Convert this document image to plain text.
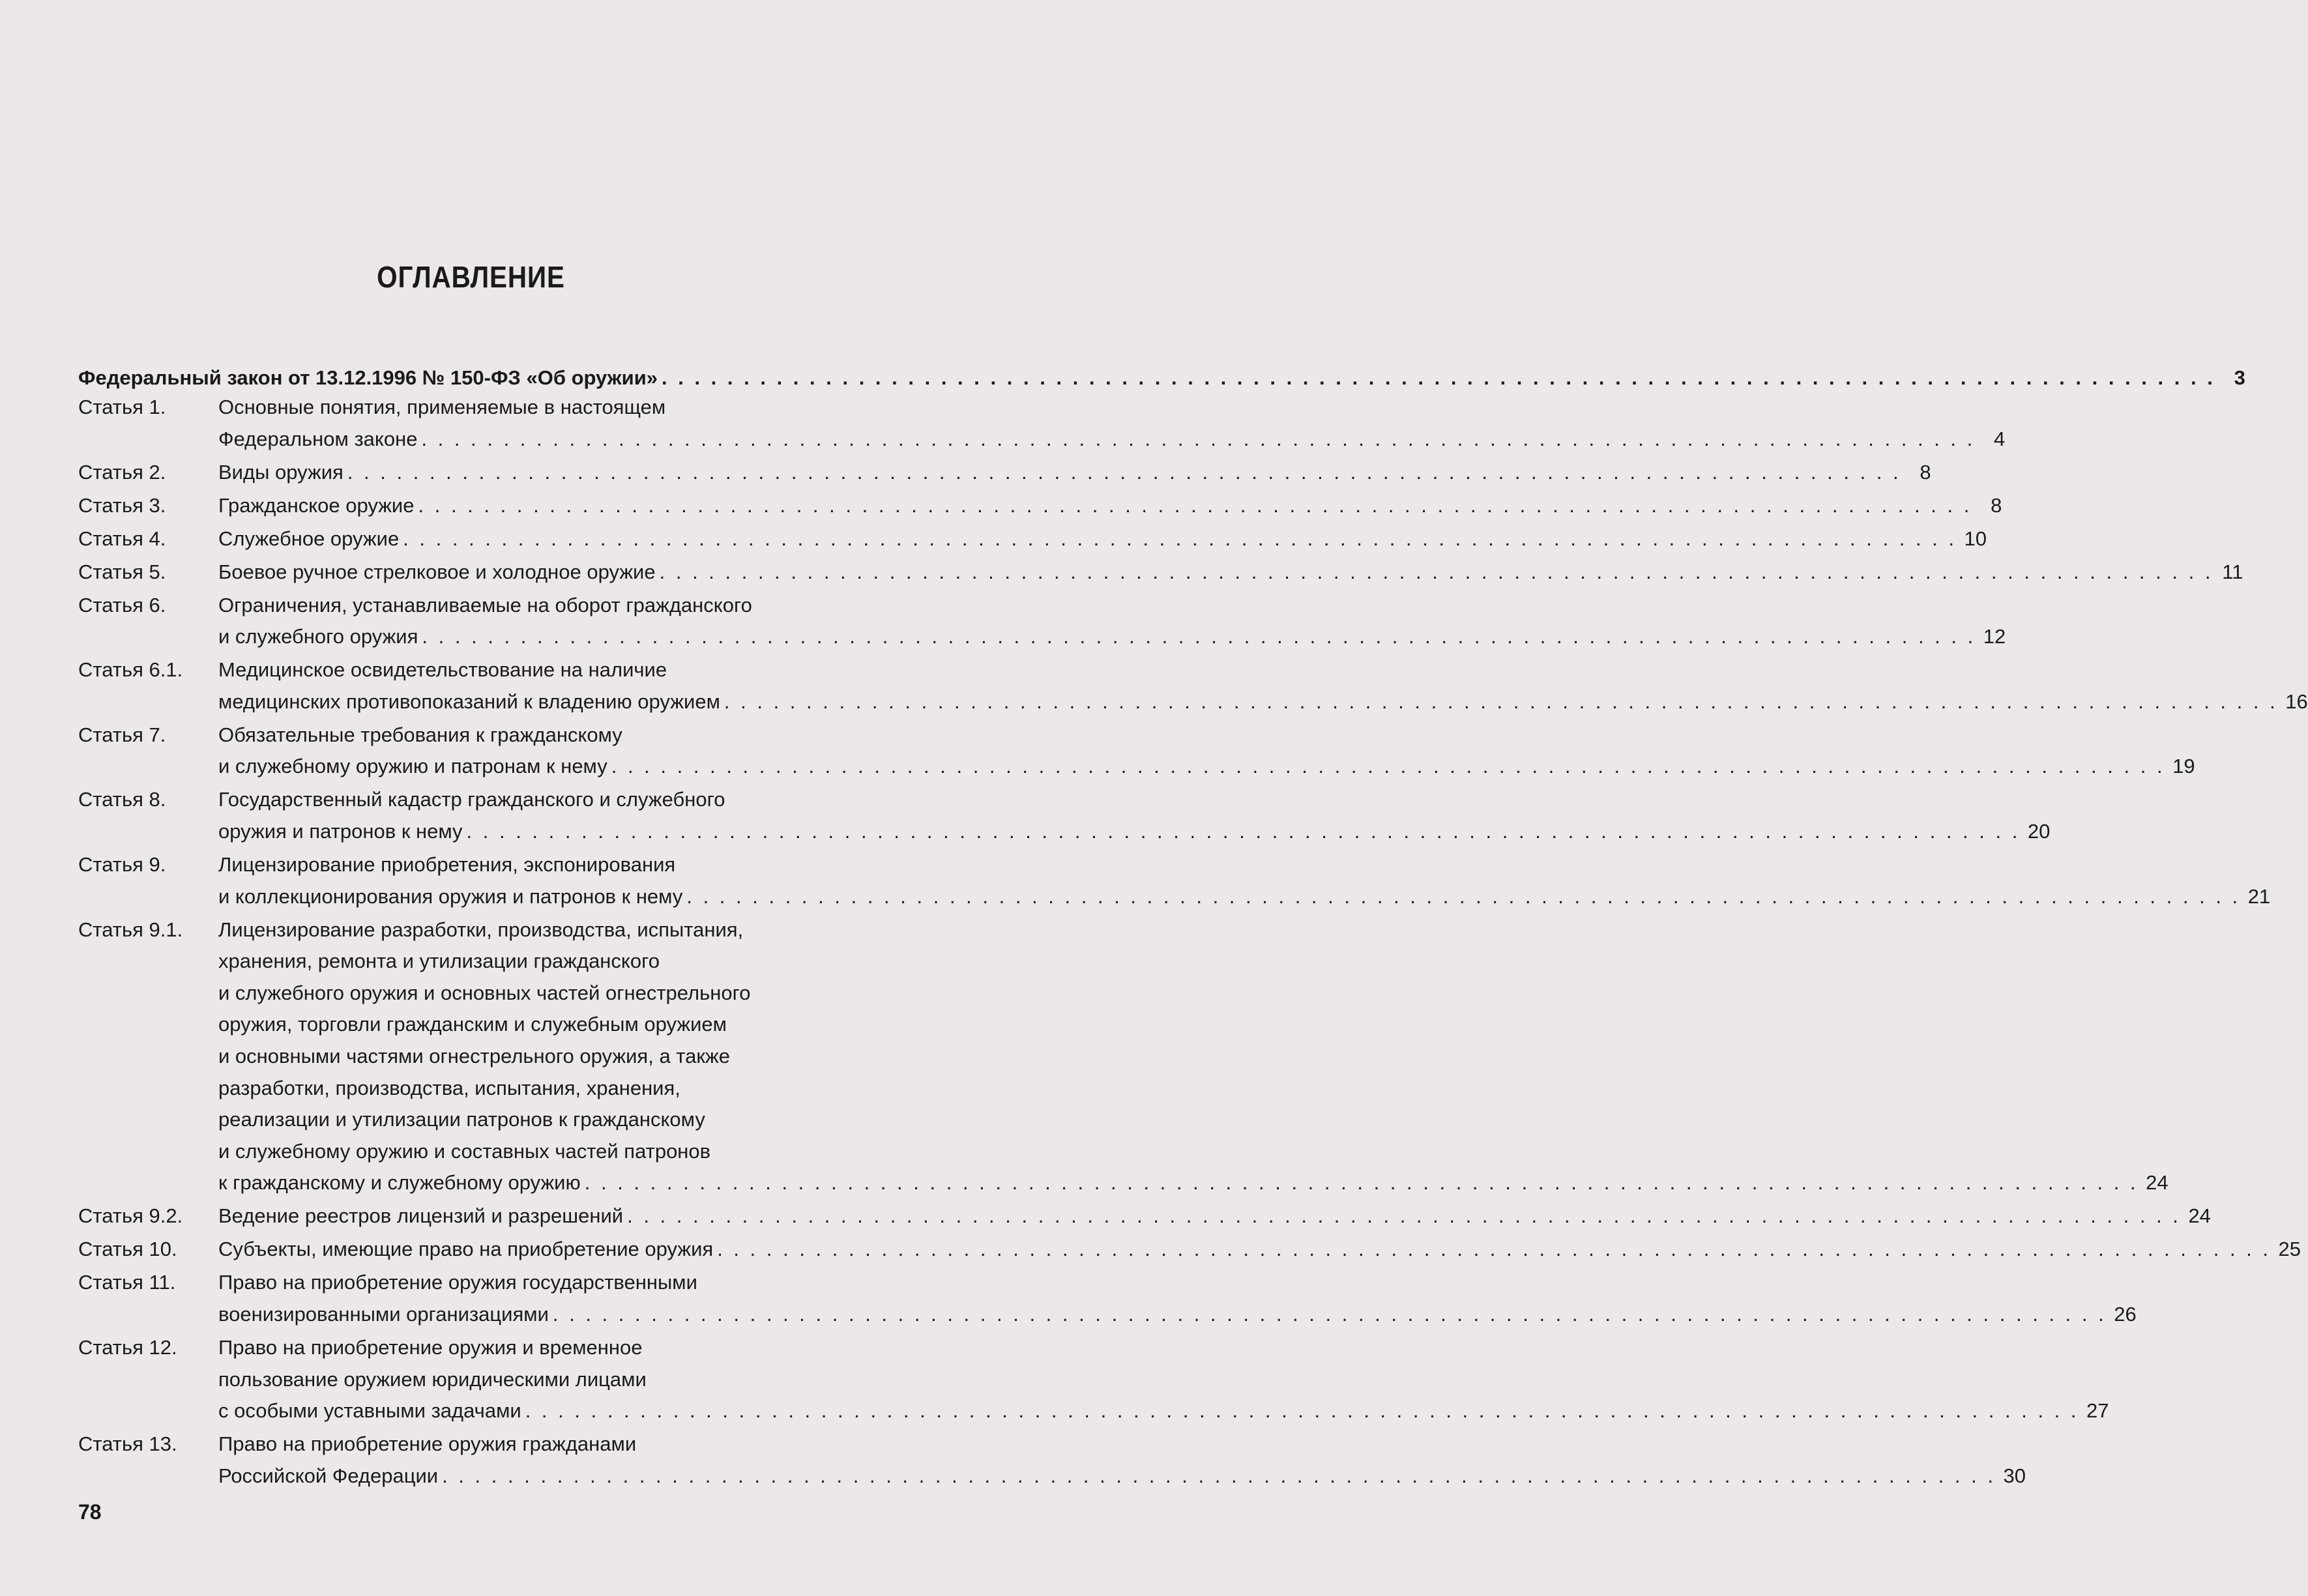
ОГЛАВЛЕНИЕ
Федеральный закон от 13.12.1996 № 150-ФЗ «Об оружии» . . . . . . . . . . . . . . . . . . . . . . . . . . . . . . . . . . . . . . . . . . . . . . . . . . . . . . . . . . . . . . . . . . . . . . . . . . . . . . . . . . . . . . . . . . . . . . . 3
Статья 1.	Основные понятия, применяемые в настоящем
Федеральном законе . . . . . . . . . . . . . . . . . . . . . . . . . . . . . . . . . . . . . . . . . . . . . . . . . . . . . . . . . . . . . . . . . . . . . . . . . . . . . . . . . . . . . . . . . . . . . . . 4
Статья 2.	Виды оружия . . . . . . . . . . . . . . . . . . . . . . . . . . . . . . . . . . . . . . . . . . . . . . . . . . . . . . . . . . . . . . . . . . . . . . . . . . . . . . . . . . . . . . . . . . . . . . . 8
Статья 3.	Гражданское оружие . . . . . . . . . . . . . . . . . . . . . . . . . . . . . . . . . . . . . . . . . . . . . . . . . . . . . . . . . . . . . . . . . . . . . . . . . . . . . . . . . . . . . . . . . . . . . . . 8
Статья 4.	Служебное оружие . . . . . . . . . . . . . . . . . . . . . . . . . . . . . . . . . . . . . . . . . . . . . . . . . . . . . . . . . . . . . . . . . . . . . . . . . . . . . . . . . . . . . . . . . . . . . . . 10
Статья 5.	Боевое ручное стрелковое и холодное оружие . . . . . . . . . . . . . . . . . . . . . . . . . . . . . . . . . . . . . . . . . . . . . . . . . . . . . . . . . . . . . . . . . . . . . . . . . . . . . . . . . . . . . . . . . . . . . . . 11
Статья 6.	Ограничения, устанавливаемые на оборот гражданского
и служебного оружия . . . . . . . . . . . . . . . . . . . . . . . . . . . . . . . . . . . . . . . . . . . . . . . . . . . . . . . . . . . . . . . . . . . . . . . . . . . . . . . . . . . . . . . . . . . . . . . 12
Статья 6.1. Медицинское освидетельствование на наличие
медицинских противопоказаний к владению оружием . . . . . . . . . . . . . . . . . . . . . . . . . . . . . . . . . . . . . . . . . . . . . . . . . . . . . . . . . . . . . . . . . . . . . . . . . . . . . . . . . . . . . . . . . . . . . . . 16
Статья 7.	Обязательные требования к гражданскому
и служебному оружию и патронам к нему . . . . . . . . . . . . . . . . . . . . . . . . . . . . . . . . . . . . . . . . . . . . . . . . . . . . . . . . . . . . . . . . . . . . . . . . . . . . . . . . . . . . . . . . . . . . . . . 19
Статья 8.	Государственный кадастр гражданского и служебного
оружия и патронов к нему . . . . . . . . . . . . . . . . . . . . . . . . . . . . . . . . . . . . . . . . . . . . . . . . . . . . . . . . . . . . . . . . . . . . . . . . . . . . . . . . . . . . . . . . . . . . . . . 20
Статья 9.	Лицензирование приобретения, экспонирования
и коллекционирования оружия и патронов к нему . . . . . . . . . . . . . . . . . . . . . . . . . . . . . . . . . . . . . . . . . . . . . . . . . . . . . . . . . . . . . . . . . . . . . . . . . . . . . . . . . . . . . . . . . . . . . . . 21
Статья 9.1. Лицензирование разработки, производства, испытания,
хранения, ремонта и утилизации гражданского
и служебного оружия и основных частей огнестрельного
оружия, торговли гражданским и служебным оружием
и основными частями огнестрельного оружия, а также
разработки, производства, испытания, хранения,
реализации и утилизации патронов к гражданскому
и служебному оружию и составных частей патронов
к гражданскому и служебному оружию . . . . . . . . . . . . . . . . . . . . . . . . . . . . . . . . . . . . . . . . . . . . . . . . . . . . . . . . . . . . . . . . . . . . . . . . . . . . . . . . . . . . . . . . . . . . . . . 24
Статья 9.2. Ведение реестров лицензий и разрешений . . . . . . . . . . . . . . . . . . . . . . . . . . . . . . . . . . . . . . . . . . . . . . . . . . . . . . . . . . . . . . . . . . . . . . . . . . . . . . . . . . . . . . . . . . . . . . . 24
Статья 10. Субъекты, имеющие право на приобретение оружия . . . . . . . . . . . . . . . . . . . . . . . . . . . . . . . . . . . . . . . . . . . . . . . . . . . . . . . . . . . . . . . . . . . . . . . . . . . . . . . . . . . . . . . . . . . . . . . 25
Статья 11. Право на приобретение оружия государственными
военизированными организациями . . . . . . . . . . . . . . . . . . . . . . . . . . . . . . . . . . . . . . . . . . . . . . . . . . . . . . . . . . . . . . . . . . . . . . . . . . . . . . . . . . . . . . . . . . . . . . . 26
Статья 12. Право на приобретение оружия и временное
пользование оружием юридическими лицами
с особыми уставными задачами . . . . . . . . . . . . . . . . . . . . . . . . . . . . . . . . . . . . . . . . . . . . . . . . . . . . . . . . . . . . . . . . . . . . . . . . . . . . . . . . . . . . . . . . . . . . . . . 27
Статья 13. Право на приобретение оружия гражданами
Российской Федерации . . . . . . . . . . . . . . . . . . . . . . . . . . . . . . . . . . . . . . . . . . . . . . . . . . . . . . . . . . . . . . . . . . . . . . . . . . . . . . . . . . . . . . . . . . . . . . . 30
78
